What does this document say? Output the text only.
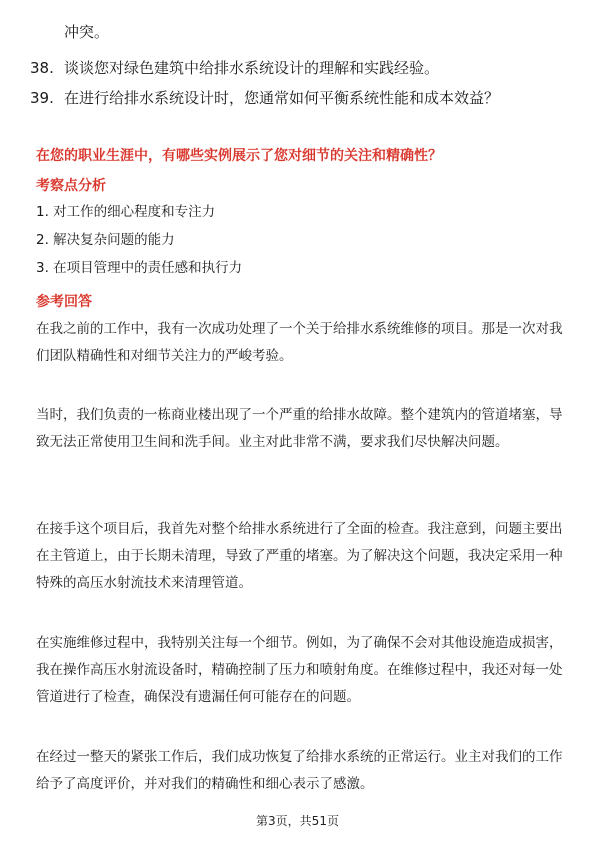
冲突。
38. 谈谈您对绿色建筑中给排水系统设计的理解和实践经验。
39. 在进行给排水系统设计时，您通常如何平衡系统性能和成本效益？
在您的职业生涯中，有哪些实例展示了您对细节的关注和精确性？
考察点分析
1. 对工作的细心程度和专注力
2. 解决复杂问题的能力
3. 在项目管理中的责任感和执行力
参考回答
在我之前的工作中，我有一次成功处理了一个关于给排水系统维修的项目。那是一次对我们团队精确性和对细节关注力的严峻考验。
当时，我们负责的一栋商业楼出现了一个严重的给排水故障。整个建筑内的管道堵塞，导致无法正常使用卫生间和洗手间。业主对此非常不满，要求我们尽快解决问题。
在接手这个项目后，我首先对整个给排水系统进行了全面的检查。我注意到，问题主要出在主管道上，由于长期未清理，导致了严重的堵塞。为了解决这个问题，我决定采用一种特殊的高压水射流技术来清理管道。
在实施维修过程中，我特别关注每一个细节。例如，为了确保不会对其他设施造成损害，我在操作高压水射流设备时，精确控制了压力和喷射角度。在维修过程中，我还对每一处管道进行了检查，确保没有遗漏任何可能存在的问题。
在经过一整天的紧张工作后，我们成功恢复了给排水系统的正常运行。业主对我们的工作给予了高度评价，并对我们的精确性和细心表示了感激。
第3页，共51页
